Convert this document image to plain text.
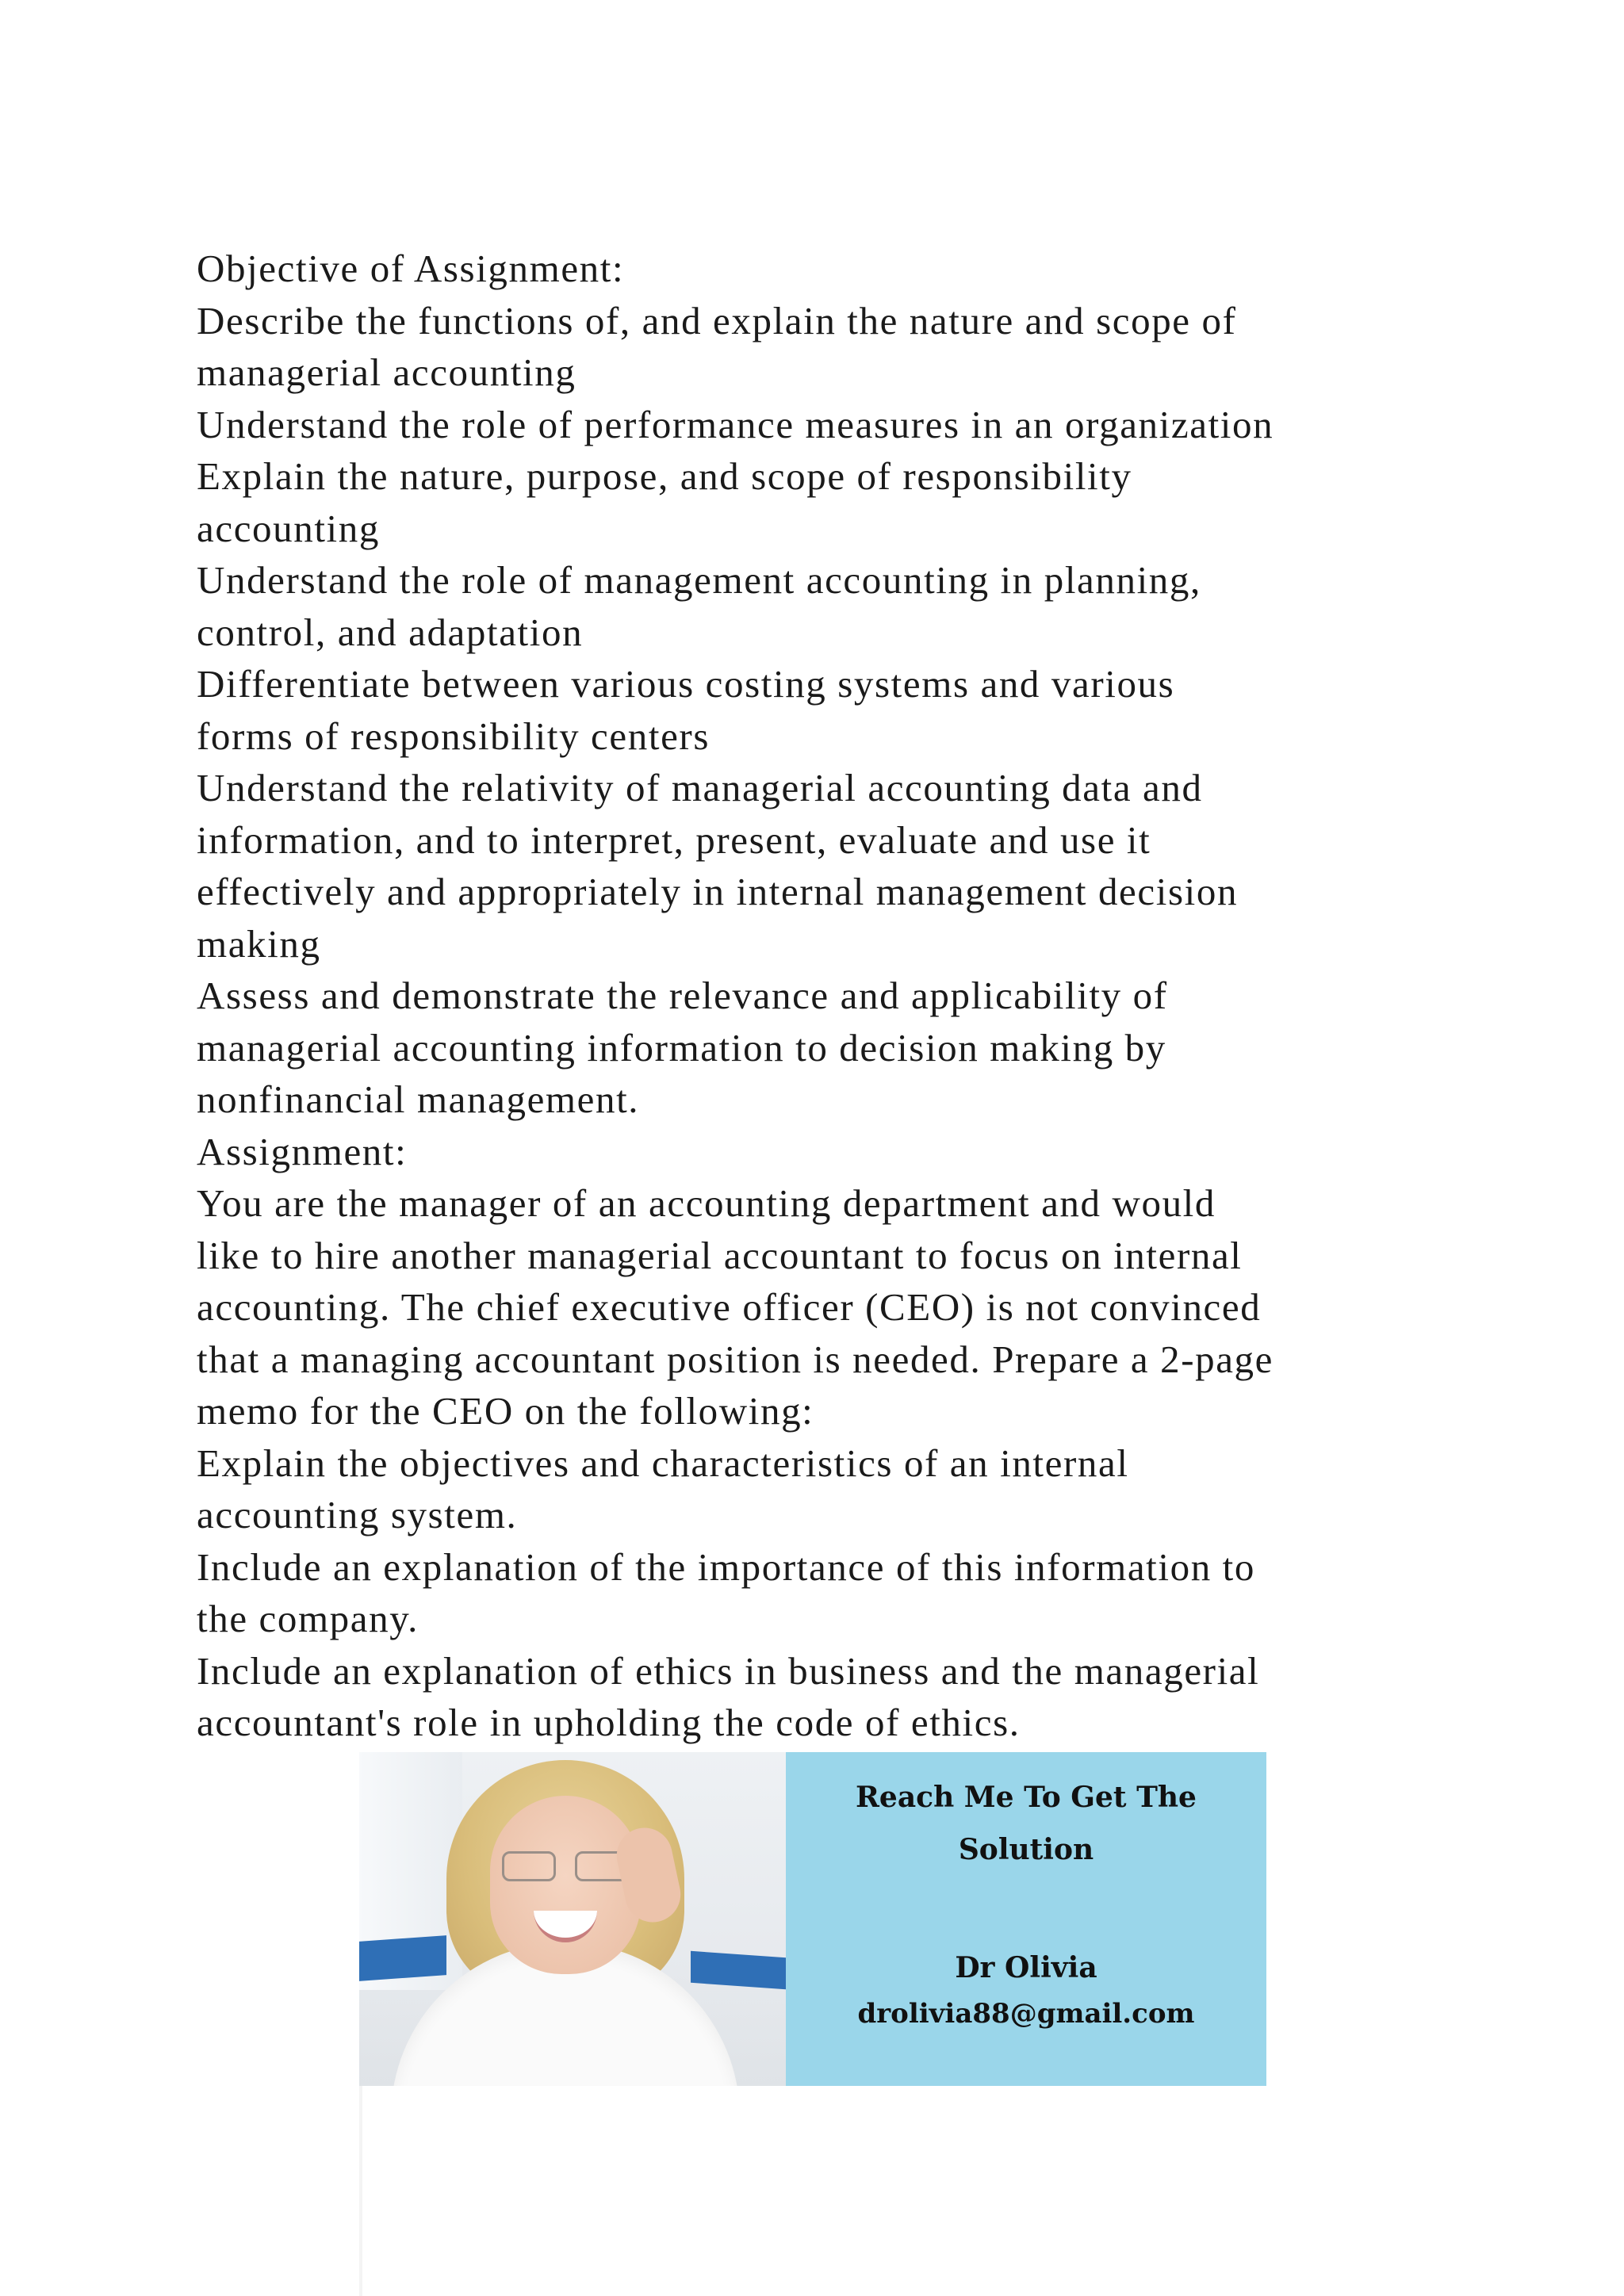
Objective of Assignment:
Describe the functions of, and explain the nature and scope of
managerial accounting
Understand the role of performance measures in an organization
Explain the nature, purpose, and scope of responsibility
accounting
Understand the role of management accounting in planning,
control, and adaptation
Differentiate between various costing systems and various
forms of responsibility centers
Understand the relativity of managerial accounting data and
information, and to interpret, present, evaluate and use it
effectively and appropriately in internal management decision
making
Assess and demonstrate the relevance and applicability of
managerial accounting information to decision making by
nonfinancial management.
Assignment:
You are the manager of an accounting department and would
like to hire another managerial accountant to focus on internal
accounting. The chief executive officer (CEO) is not convinced
that a managing accountant position is needed. Prepare a 2-page
memo for the CEO on the following:
Explain the objectives and characteristics of an internal
accounting system.
Include an explanation of the importance of this information to
the company.
Include an explanation of ethics in business and the managerial
accountant's role in upholding the code of ethics.
Reach Me To Get The
Solution
Dr Olivia
drolivia88@gmail.com
